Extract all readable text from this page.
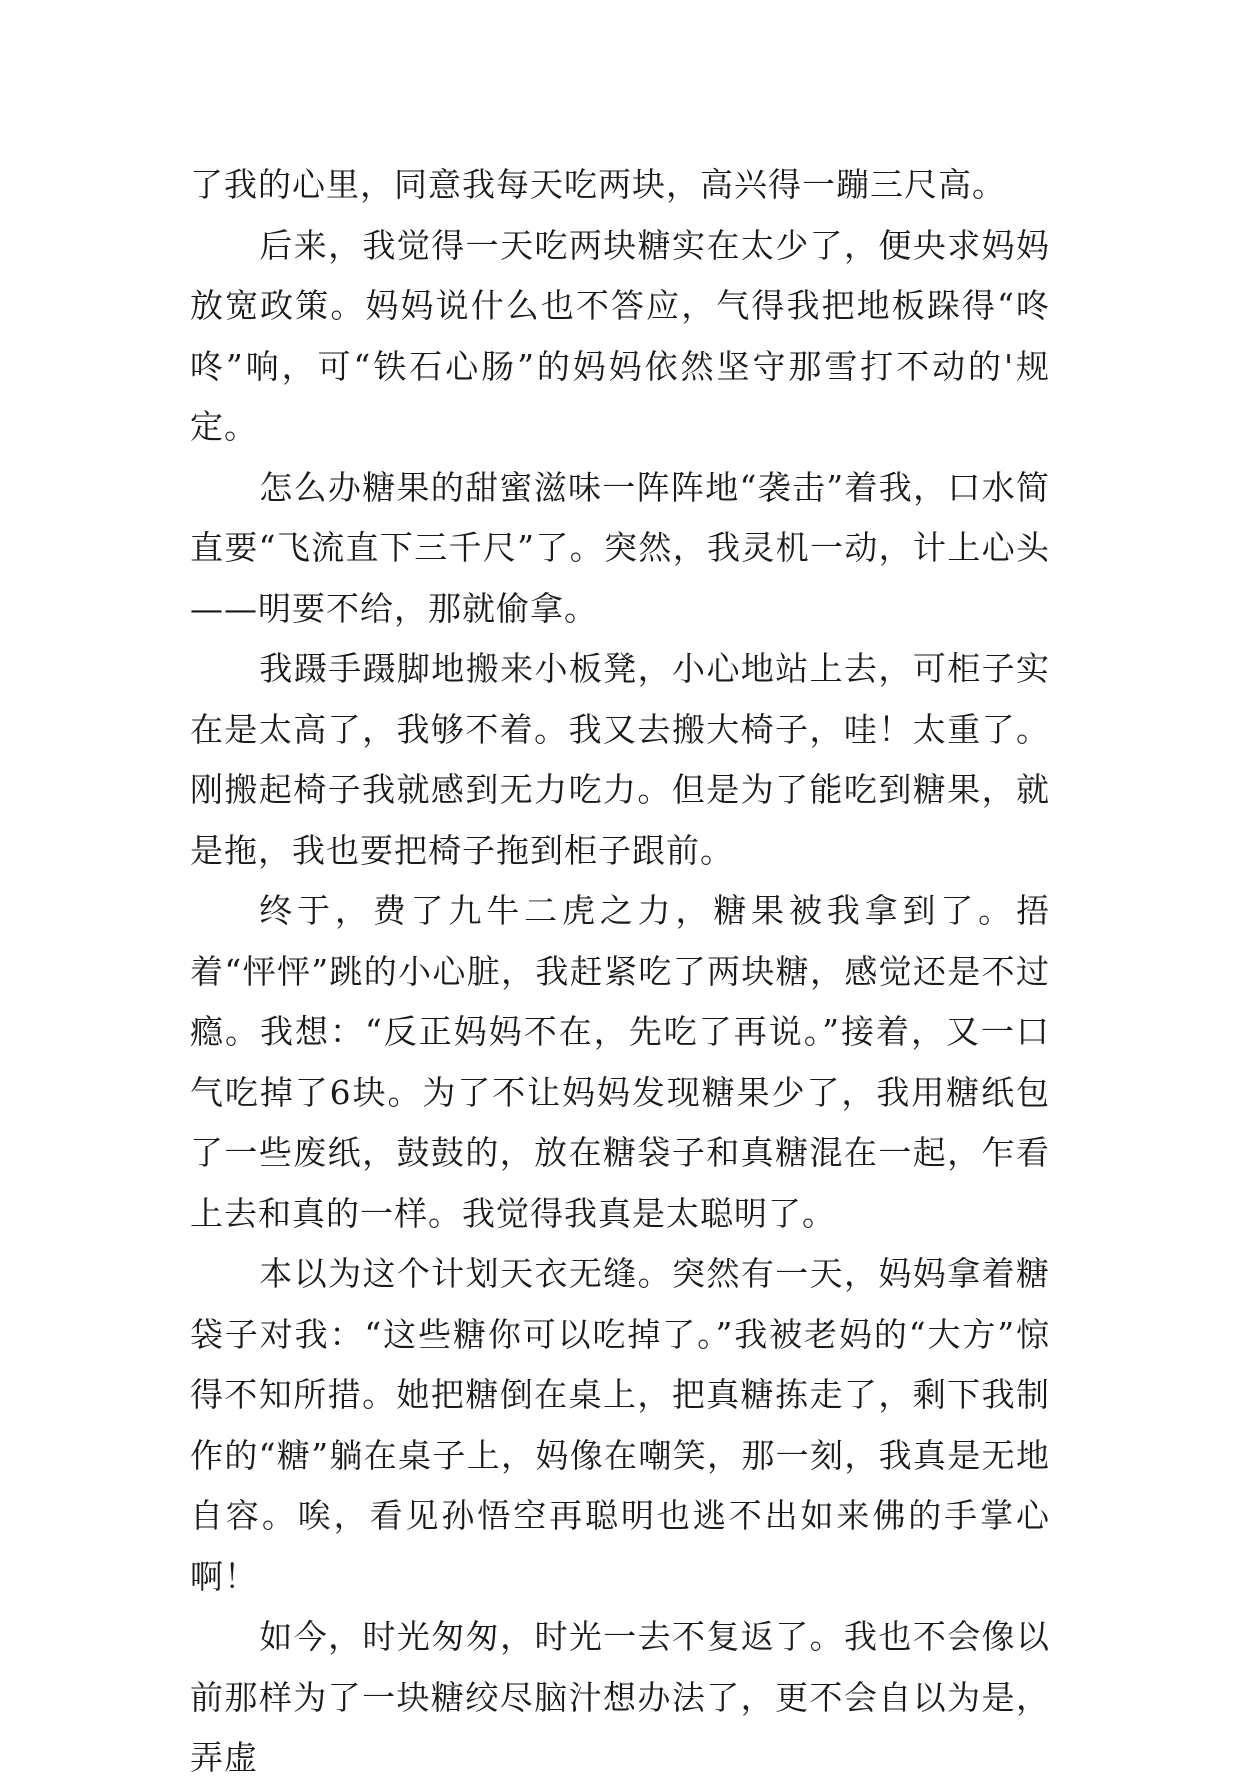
了我的心里，同意我每天吃两块，高兴得一蹦三尺高。

后来，我觉得一天吃两块糖实在太少了，便央求妈妈放宽政策。妈妈说什么也不答应，气得我把地板跺得“咚咚”响，可“铁石心肠”的妈妈依然坚守那雪打不动的'规定。

怎么办糖果的甜蜜滋味一阵阵地“袭击”着我，口水简直要“飞流直下三千尺”了。突然，我灵机一动，计上心头——明要不给，那就偷拿。

我蹑手蹑脚地搬来小板凳，小心地站上去，可柜子实在是太高了，我够不着。我又去搬大椅子，哇！太重了。刚搬起椅子我就感到无力吃力。但是为了能吃到糖果，就是拖，我也要把椅子拖到柜子跟前。

终于，费了九牛二虎之力，糖果被我拿到了。捂着“怦怦”跳的小心脏，我赶紧吃了两块糖，感觉还是不过瘾。我想：“反正妈妈不在，先吃了再说。”接着，又一口气吃掉了6块。为了不让妈妈发现糖果少了，我用糖纸包了一些废纸，鼓鼓的，放在糖袋子和真糖混在一起，乍看上去和真的一样。我觉得我真是太聪明了。

本以为这个计划天衣无缝。突然有一天，妈妈拿着糖袋子对我：“这些糖你可以吃掉了。”我被老妈的“大方”惊得不知所措。她把糖倒在桌上，把真糖拣走了，剩下我制作的“糖”躺在桌子上，妈像在嘲笑，那一刻，我真是无地自容。唉，看见孙悟空再聪明也逃不出如来佛的手掌心啊！

如今，时光匆匆，时光一去不复返了。我也不会像以前那样为了一块糖绞尽脑汁想办法了，更不会自以为是，弄虚
